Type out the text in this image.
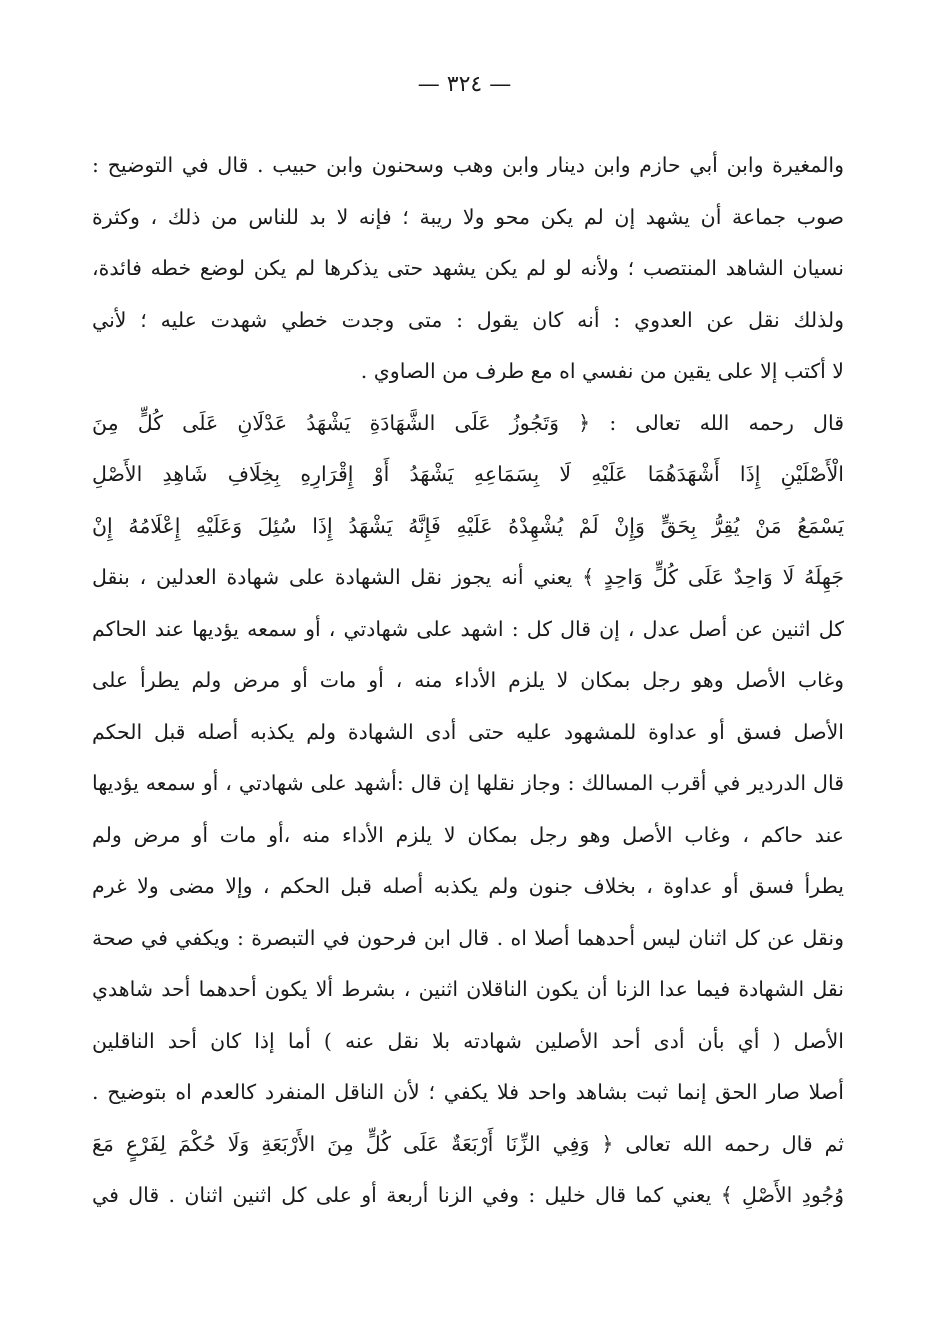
— ٣٢٤ —
والمغيرة وابن أبي حازم وابن دينار وابن وهب وسحنون وابن حبيب . قال في التوضيح :
صوب جماعة أن يشهد إن لم يكن محو ولا ريبة ؛ فإنه لا بد للناس من ذلك ، وكثرة
نسيان الشاهد المنتصب ؛ ولأنه لو لم يكن يشهد حتى يذكرها لم يكن لوضع خطه فائدة،
ولذلك نقل عن العدوي : أنه كان يقول : متى وجدت خطي شهدت عليه ؛ لأني
لا أكتب إلا على يقين من نفسي اه مع طرف من الصاوي .
قال رحمه الله تعالى : ﴿ وَتَجُوزُ عَلَى الشَّهَادَةِ يَشْهَدُ عَدْلَانِ عَلَى كُلٍّ مِنَ
الْأَصْلَيْنِ إِذَا أَشْهَدَهُمَا عَلَيْهِ لَا بِسَمَاعِهِ يَشْهَدُ أَوْ إِقْرَارِهِ بِخِلَافِ شَاهِدِ الأَصْلِ
يَسْمَعُ مَنْ يُقِرُّ بِحَقٍّ وَإِنْ لَمْ يُشْهِدْهُ عَلَيْهِ فَإِنَّهُ يَشْهَدُ إِذَا سُئِلَ وَعَلَيْهِ إِعْلَامُهُ إِنْ
جَهِلَهُ لَا وَاحِدٌ عَلَى كُلٍّ وَاحِدٍ ﴾ يعني أنه يجوز نقل الشهادة على شهادة العدلين ، بنقل
كل اثنين عن أصل عدل ، إن قال كل : اشهد على شهادتي ، أو سمعه يؤديها عند الحاكم
وغاب الأصل وهو رجل بمكان لا يلزم الأداء منه ، أو مات أو مرض ولم يطرأ على
الأصل فسق أو عداوة للمشهود عليه حتى أدى الشهادة ولم يكذبه أصله قبل الحكم
قال الدردير في أقرب المسالك : وجاز نقلها إن قال :أشهد على شهادتي ، أو سمعه يؤديها
عند حاكم ، وغاب الأصل وهو رجل بمكان لا يلزم الأداء منه ،أو مات أو مرض ولم
يطرأ فسق أو عداوة ، بخلاف جنون ولم يكذبه أصله قبل الحكم ، وإلا مضى ولا غرم
ونقل عن كل اثنان ليس أحدهما أصلا اه . قال ابن فرحون في التبصرة : ويكفي في صحة
نقل الشهادة فيما عدا الزنا أن يكون الناقلان اثنين ، بشرط ألا يكون أحدهما أحد شاهدي
الأصل ( أي بأن أدى أحد الأصلين شهادته بلا نقل عنه ) أما إذا كان أحد الناقلين
أصلا صار الحق إنما ثبت بشاهد واحد فلا يكفي ؛ لأن الناقل المنفرد كالعدم اه بتوضيح .
ثم قال رحمه الله تعالى ﴿ وَفِي الزِّنَا أَرْبَعَةٌ عَلَى كُلٍّ مِنَ الأَرْبَعَةِ وَلَا حُكْمَ لِفَرْعٍ مَعَ
وُجُودِ الأَصْلِ ﴾ يعني كما قال خليل : وفي الزنا أربعة أو على كل اثنين اثنان . قال في
